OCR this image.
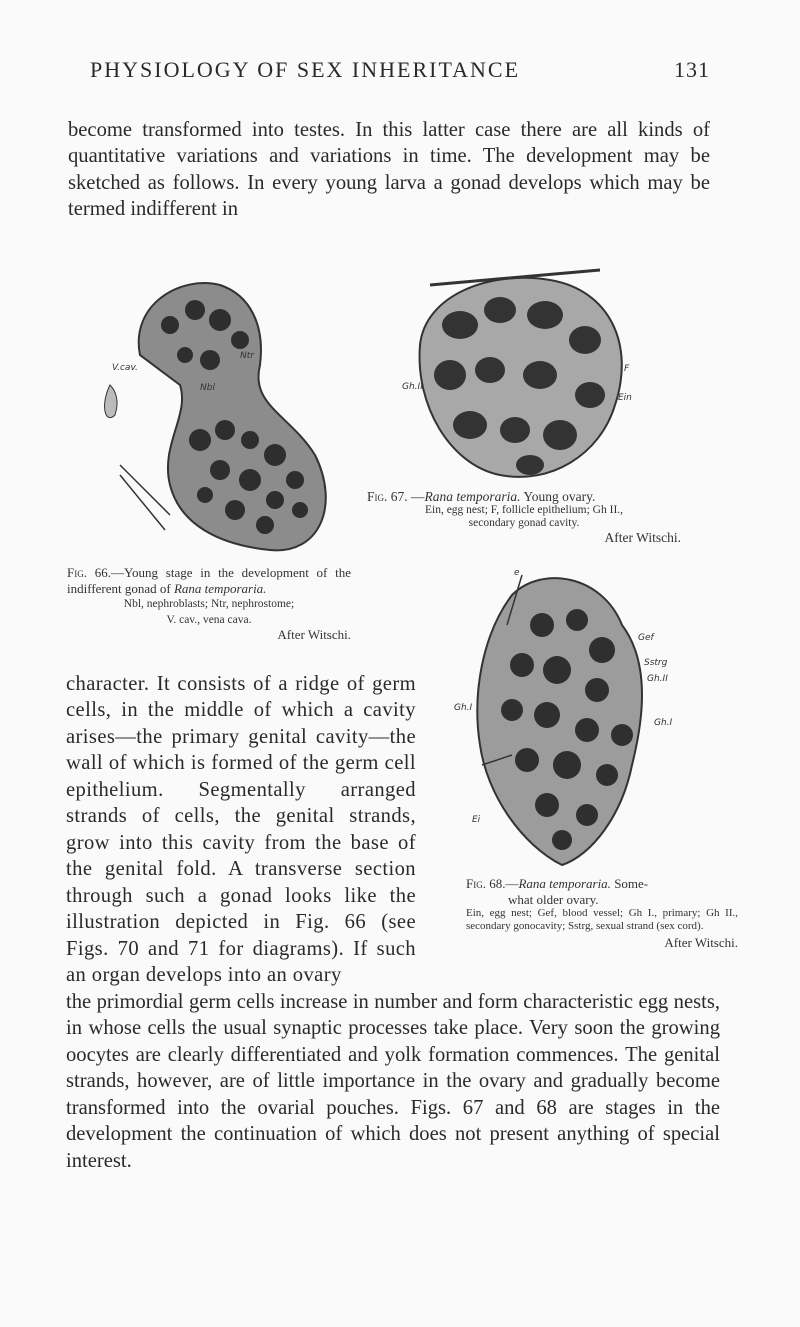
PHYSIOLOGY OF SEX INHERITANCE	131

become transformed into testes. In this latter case there are all kinds of quantitative variations and variations in time. The development may be sketched as follows. In every young larva a gonad develops which may be termed indifferent in

V.cav.
Ntr
Nbl
F
Ein
Gh.II
Fig. 67. —Rana temporaria. Young ovary.
Ein, egg nest; F, follicle epithelium; Gh II.,
secondary gonad cavity.
After Witschi.
Fig. 66.—Young stage in the development of the indifferent gonad of Rana temporaria.
Nbl, nephroblasts; Ntr, nephrostome;
V. cav., vena cava.
After Witschi.
e
Gef
Sstrg
Gh.II
Gh.I
Gh.I
Ei

character. It consists of a ridge of germ cells, in the middle of which a cavity arises—the primary genital cavity—the wall of which is formed of the germ cell epithelium. Segmentally arranged strands of cells, the genital strands, grow into this cavity from the base of the genital fold. A transverse section through such a gonad looks like the illustration depicted in Fig. 66 (see Figs. 70 and 71 for diagrams). If such an organ develops into an ovary

Fig. 68.—Rana temporaria. Some-
what older ovary.
Ein, egg nest; Gef, blood vessel; Gh I., primary; Gh II., secondary gonocavity; Sstrg, sexual strand (sex cord).
After Witschi.

the primordial germ cells increase in number and form characteristic egg nests, in whose cells the usual synaptic processes take place. Very soon the growing oocytes are clearly differentiated and yolk formation commences. The genital strands, however, are of little importance in the ovary and gradually become transformed into the ovarial pouches. Figs. 67 and 68 are stages in the development the continuation of which does not present anything of special interest.
